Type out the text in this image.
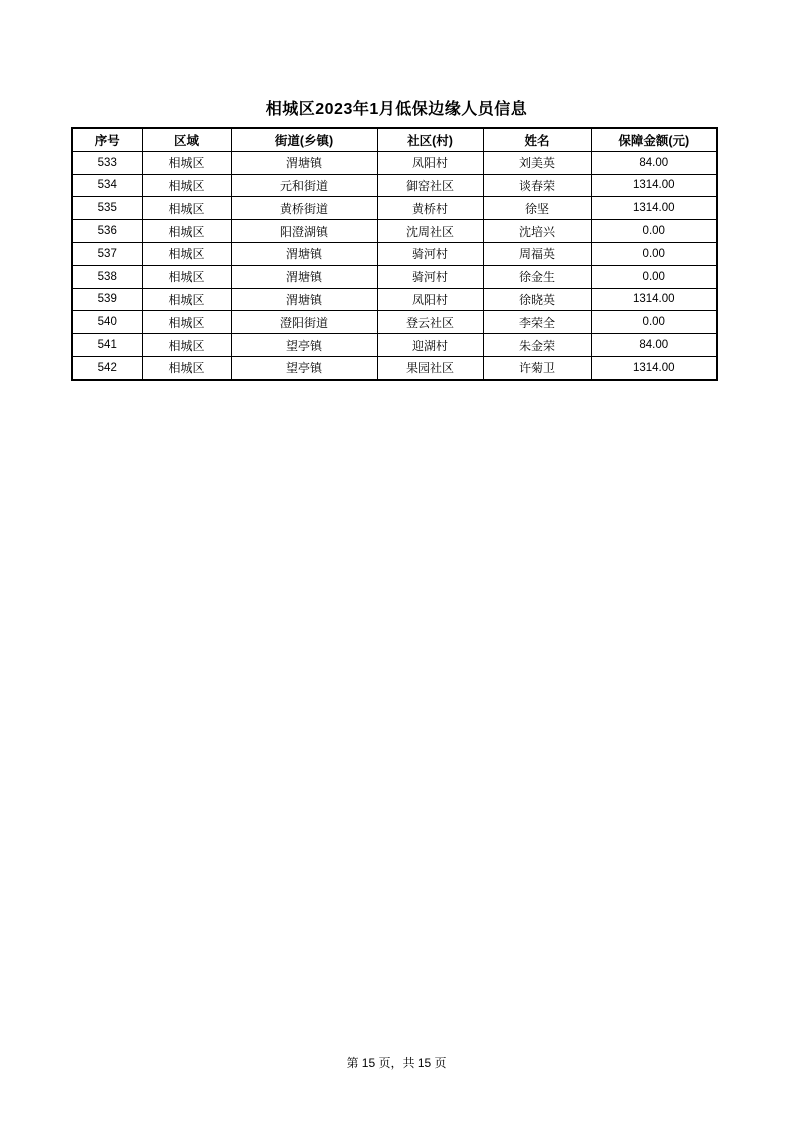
相城区2023年1月低保边缘人员信息
序号	区域	街道(乡镇)	社区(村)	姓名	保障金额(元)
533	相城区	渭塘镇	凤阳村	刘美英	84.00
534	相城区	元和街道	御窑社区	谈春荣	1314.00
535	相城区	黄桥街道	黄桥村	徐坚	1314.00
536	相城区	阳澄湖镇	沈周社区	沈培兴	0.00
537	相城区	渭塘镇	骑河村	周福英	0.00
538	相城区	渭塘镇	骑河村	徐金生	0.00
539	相城区	渭塘镇	凤阳村	徐晓英	1314.00
540	相城区	澄阳街道	登云社区	李荣全	0.00
541	相城区	望亭镇	迎湖村	朱金荣	84.00
542	相城区	望亭镇	果园社区	许菊卫	1314.00
第 15 页，共 15 页
